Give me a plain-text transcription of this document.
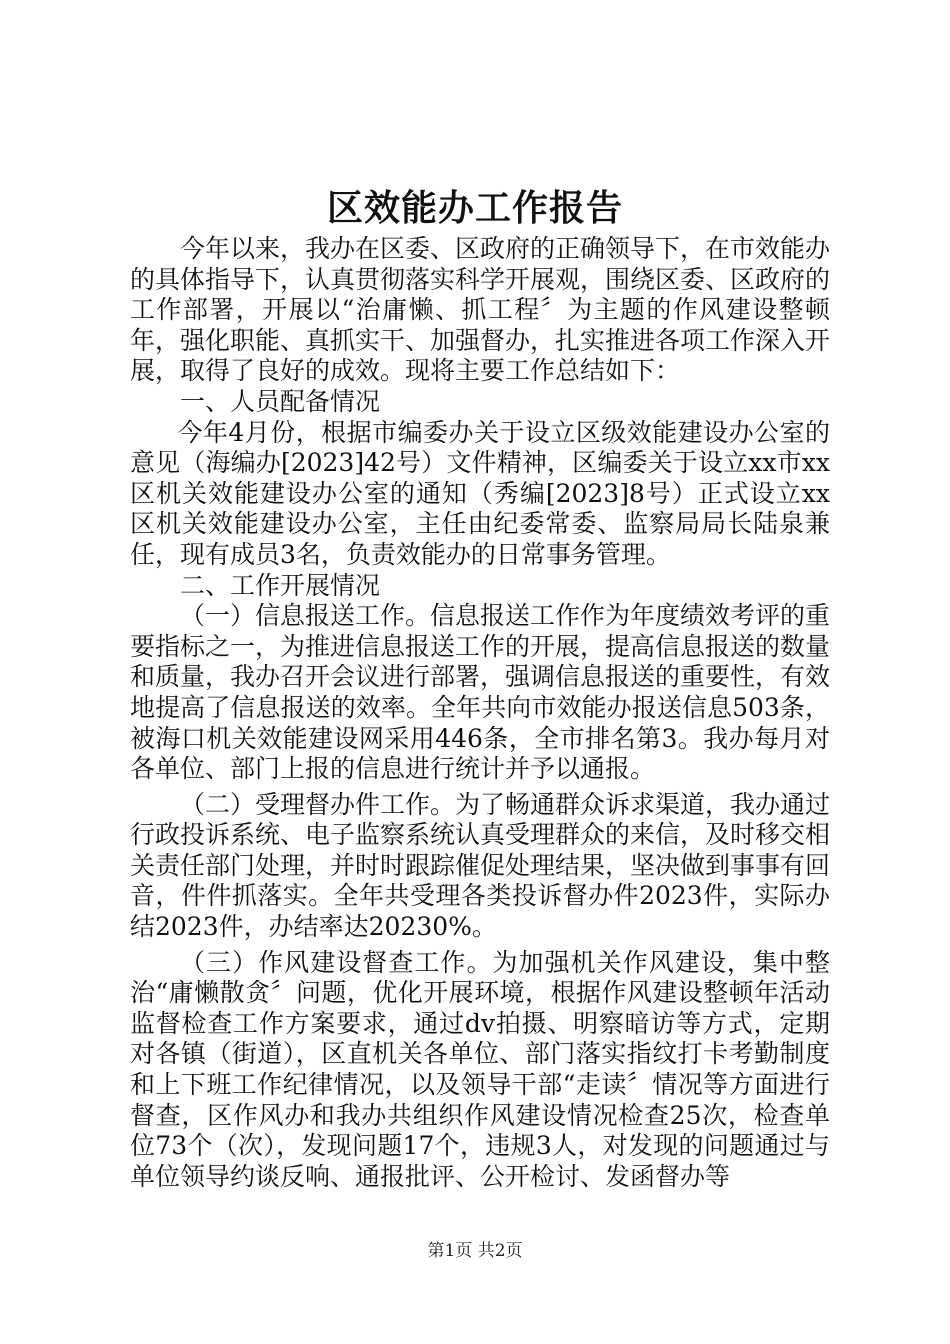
区效能办工作报告

今年以来，我办在区委、区政府的正确领导下，在市效能办的具体指导下，认真贯彻落实科学开展观，围绕区委、区政府的工作部署，开展以“治庸懒、抓工程〞为主题的作风建设整顿年，强化职能、真抓实干、加强督办，扎实推进各项工作深入开展，取得了良好的成效。现将主要工作总结如下：

一、人员配备情况

今年4月份，根据市编委办关于设立区级效能建设办公室的意见（海编办[2023]42号）文件精神，区编委关于设立xx市xx区机关效能建设办公室的通知（秀编[2023]8号）正式设立xx区机关效能建设办公室，主任由纪委常委、监察局局长陆泉兼任，现有成员3名，负责效能办的日常事务管理。

二、工作开展情况

（一）信息报送工作。信息报送工作作为年度绩效考评的重要指标之一，为推进信息报送工作的开展，提高信息报送的数量和质量，我办召开会议进行部署，强调信息报送的重要性，有效地提高了信息报送的效率。全年共向市效能办报送信息503条，被海口机关效能建设网采用446条，全市排名第3。我办每月对各单位、部门上报的信息进行统计并予以通报。

（二）受理督办件工作。为了畅通群众诉求渠道，我办通过行政投诉系统、电子监察系统认真受理群众的来信，及时移交相关责任部门处理，并时时跟踪催促处理结果，坚决做到事事有回音，件件抓落实。全年共受理各类投诉督办件2023件，实际办结2023件，办结率达20230%。

（三）作风建设督查工作。为加强机关作风建设，集中整治“庸懒散贪〞问题，优化开展环境，根据作风建设整顿年活动监督检查工作方案要求，通过dv拍摄、明察暗访等方式，定期对各镇（街道），区直机关各单位、部门落实指纹打卡考勤制度和上下班工作纪律情况，以及领导干部“走读〞情况等方面进行督查，区作风办和我办共组织作风建设情况检查25次，检查单位73个（次），发现问题17个，违规3人，对发现的问题通过与单位领导约谈反响、通报批评、公开检讨、发函督办等

第1页 共2页
